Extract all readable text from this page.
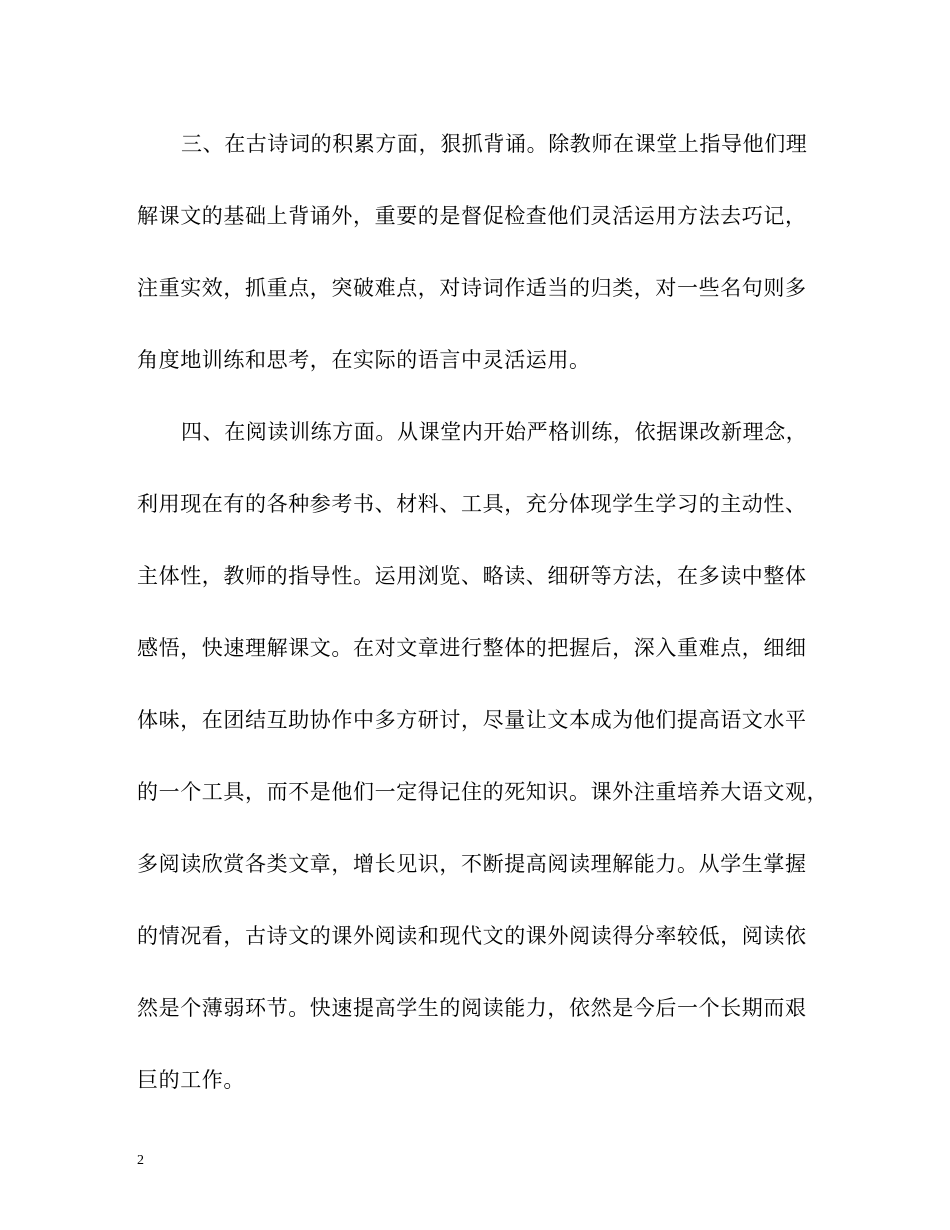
三、在古诗词的积累方面，狠抓背诵。除教师在课堂上指导他们理
解课文的基础上背诵外，重要的是督促检查他们灵活运用方法去巧记，
注重实效，抓重点，突破难点，对诗词作适当的归类，对一些名句则多
角度地训练和思考，在实际的语言中灵活运用。
四、在阅读训练方面。从课堂内开始严格训练，依据课改新理念，
利用现在有的各种参考书、材料、工具，充分体现学生学习的主动性、
主体性，教师的指导性。运用浏览、略读、细研等方法，在多读中整体
感悟，快速理解课文。在对文章进行整体的把握后，深入重难点，细细
体味，在团结互助协作中多方研讨，尽量让文本成为他们提高语文水平
的一个工具，而不是他们一定得记住的死知识。课外注重培养大语文观，
多阅读欣赏各类文章，增长见识，不断提高阅读理解能力。从学生掌握
的情况看，古诗文的课外阅读和现代文的课外阅读得分率较低，阅读依
然是个薄弱环节。快速提高学生的阅读能力，依然是今后一个长期而艰
巨的工作。
2
